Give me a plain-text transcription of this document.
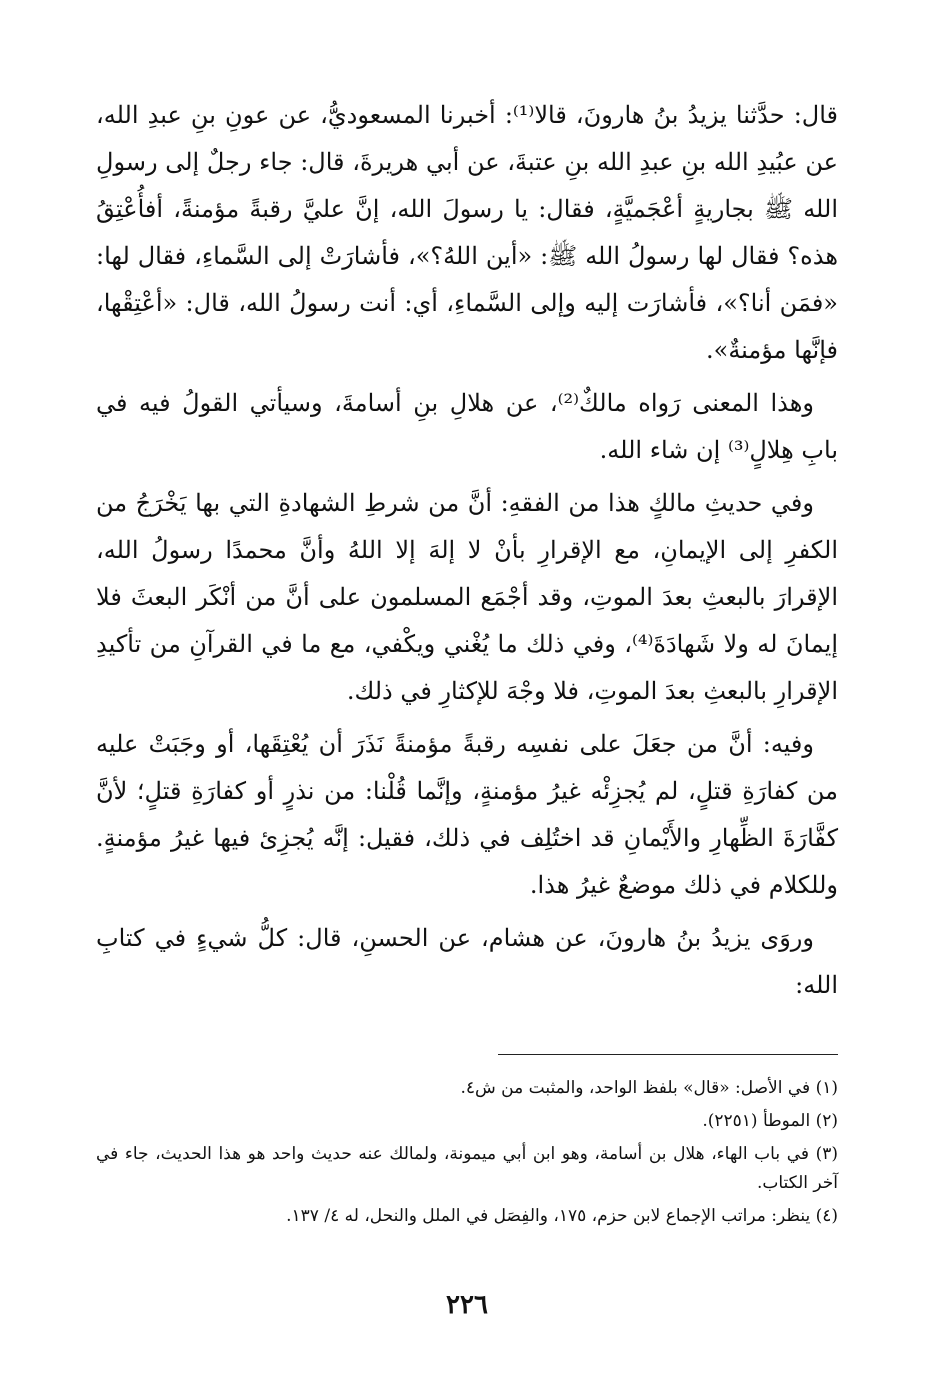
قال: حدَّثنا يزيدُ بنُ هارونَ، قالا⁽¹⁾: أخبرنا المسعوديُّ، عن عونِ بنِ عبدِ الله، عن عبُيدِ الله بنِ عبدِ الله بنِ عتبةَ، عن أبي هريرةَ، قال: جاء رجلٌ إلى رسولِ الله ﷺ بجاريةٍ أعْجَميَّةٍ، فقال: يا رسولَ الله، إنَّ عليَّ رقبةً مؤمنةً، أفأُعْتِقُ هذه؟ فقال لها رسولُ الله ﷺ: «أين اللهُ؟»، فأشارَتْ إلى السَّماءِ، فقال لها: «فمَن أنا؟»، فأشارَت إليه وإلى السَّماءِ، أي: أنت رسولُ الله، قال: «أعْتِقْها، فإنَّها مؤمنةٌ».

وهذا المعنى رَواه مالكٌ⁽²⁾، عن هلالِ بنِ أسامةَ، وسيأتي القولُ فيه في بابِ هِلالٍ⁽³⁾ إن شاء الله.

وفي حديثِ مالكٍ هذا من الفقهِ: أنَّ من شرطِ الشهادةِ التي بها يَخْرَجُ من الكفرِ إلى الإيمانِ، مع الإقرارِ بأنْ لا إلهَ إلا اللهُ وأنَّ محمدًا رسولُ الله، الإقرارَ بالبعثِ بعدَ الموتِ، وقد أجْمَع المسلمون على أنَّ من أنْكَر البعثَ فلا إيمانَ له ولا شَهادَةَ⁽⁴⁾، وفي ذلك ما يُغْني ويكْفي، مع ما في القرآنِ من تأكيدِ الإقرارِ بالبعثِ بعدَ الموتِ، فلا وجْهَ للإكثارِ في ذلك.

وفيه: أنَّ من جعَلَ على نفسِه رقبةً مؤمنةً نَذَرَ أن يُعْتِقَها، أو وجَبَتْ عليه من كفارَةِ قتلٍ، لم يُجزِئْه غيرُ مؤمنةٍ، وإنَّما قُلْنا: من نذرٍ أو كفارَةِ قتلٍ؛ لأنَّ كفَّارَةَ الظِّهارِ والأَيْمانِ قد اختُلِف في ذلك، فقيل: إنَّه يُجزِئ فيها غيرُ مؤمنةٍ. وللكلام في ذلك موضعٌ غيرُ هذا.

وروَى يزيدُ بنُ هارونَ، عن هشام، عن الحسنِ، قال: كلُّ شيءٍ في كتابِ الله:

(١) في الأصل: «قال» بلفظ الواحد، والمثبت من ش٤.

(٢) الموطأ (٢٢٥١).

(٣) في باب الهاء، هلال بن أسامة، وهو ابن أبي ميمونة، ولمالك عنه حديث واحد هو هذا الحديث، جاء في آخر الكتاب.

(٤) ينظر: مراتب الإجماع لابن حزم، ١٧٥، والفِصَل في الملل والنحل، له ٤/ ١٣٧.

٢٢٦
